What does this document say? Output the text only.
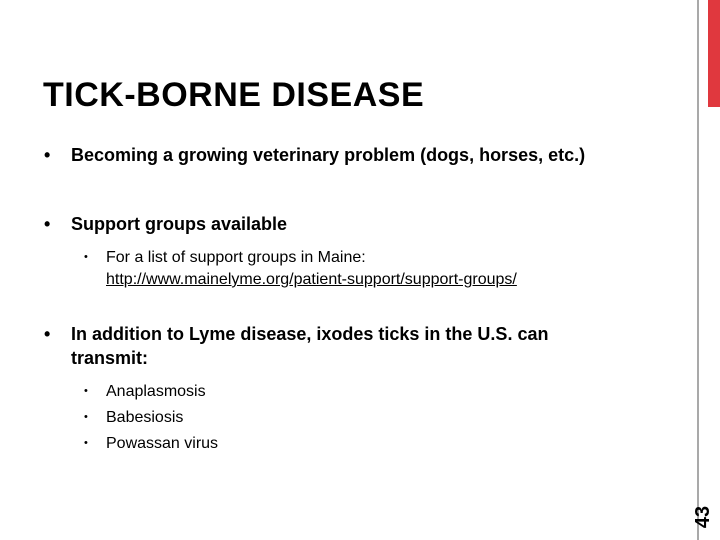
TICK-BORNE DISEASE
• Becoming a growing veterinary problem (dogs, horses, etc.)
• Support groups available
• For a list of support groups in Maine:
http://www.mainelyme.org/patient-support/support-groups/
• In addition to Lyme disease, ixodes ticks in the U.S. can
transmit:
• Anaplasmosis
• Babesiosis
• Powassan virus
43
